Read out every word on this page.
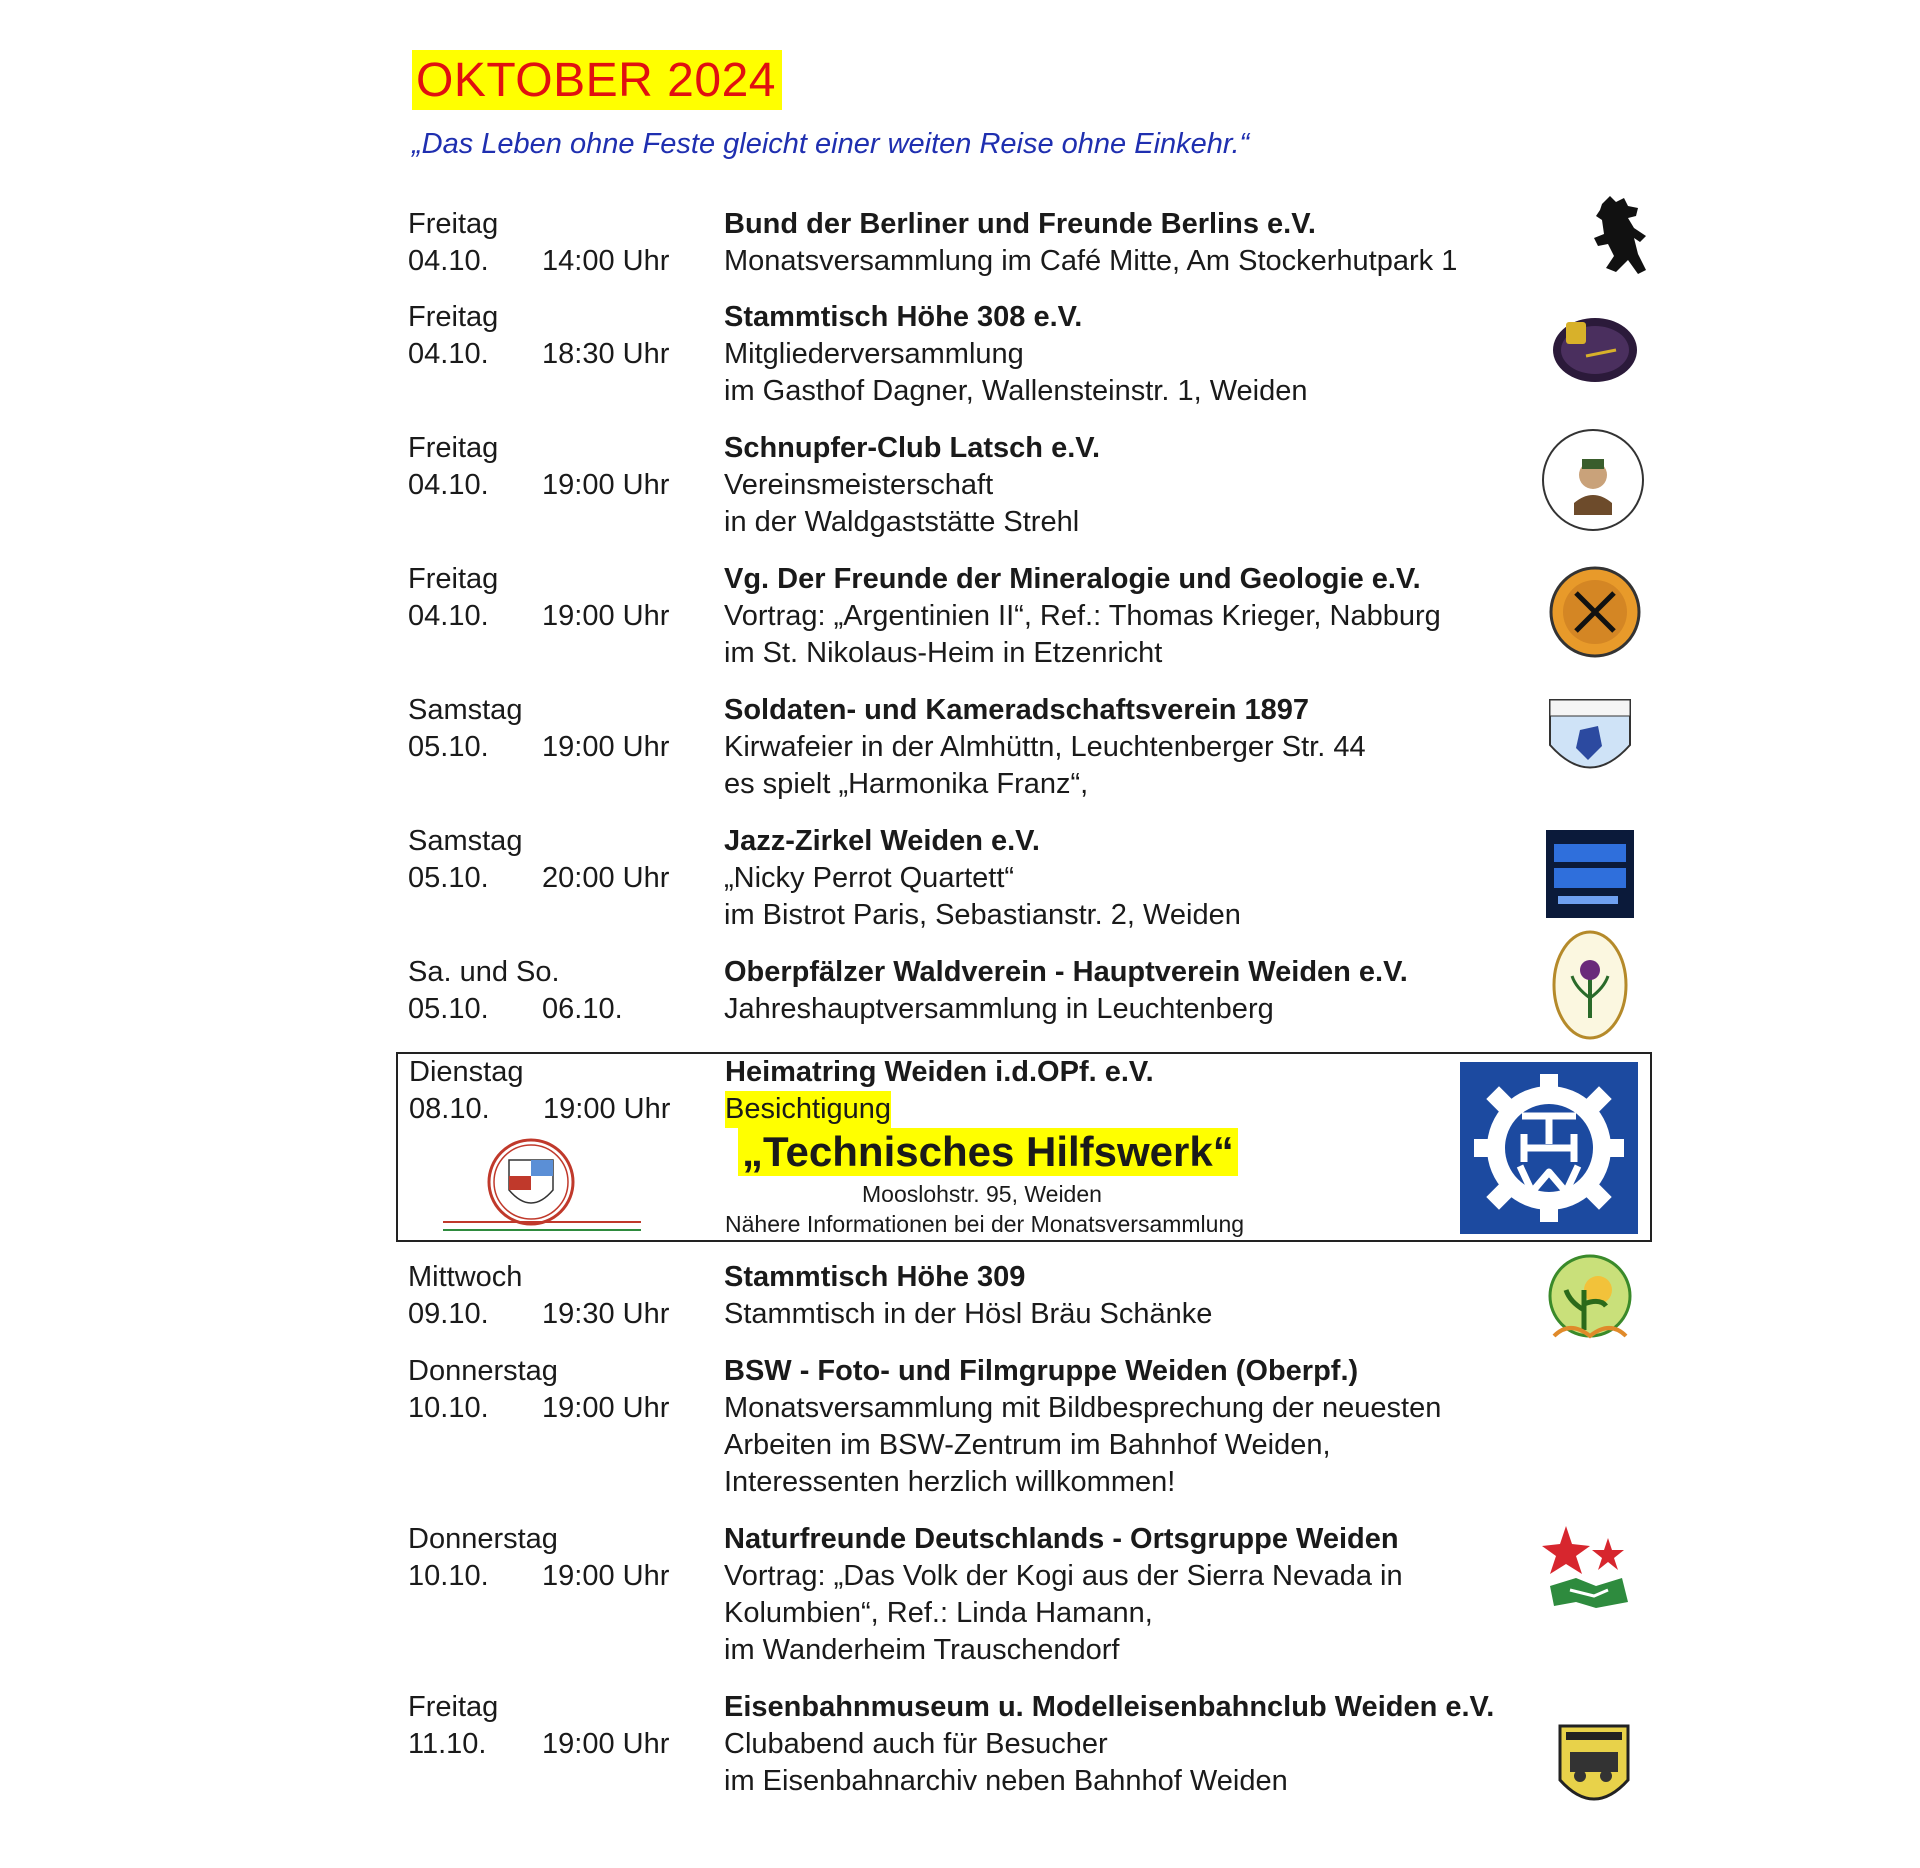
OKTOBER 2024
„Das Leben ohne Feste gleicht einer weiten Reise ohne Einkehr.“
Freitag
04.10. 14:00 Uhr
Bund der Berliner und Freunde Berlins e.V.
Monatsversammlung im Café Mitte, Am Stockerhutpark 1
Freitag
04.10. 18:30 Uhr
Stammtisch Höhe 308 e.V.
Mitgliederversammlung
im Gasthof Dagner, Wallensteinstr. 1, Weiden
Freitag
04.10. 19:00 Uhr
Schnupfer-Club Latsch e.V.
Vereinsmeisterschaft
in der Waldgaststätte Strehl
Freitag
04.10. 19:00 Uhr
Vg. Der Freunde der Mineralogie und Geologie e.V.
Vortrag: „Argentinien II“, Ref.: Thomas Krieger, Nabburg
im St. Nikolaus-Heim in Etzenricht
Samstag
05.10. 19:00 Uhr
Soldaten- und Kameradschaftsverein 1897
Kirwafeier in der Almhüttn, Leuchtenberger Str. 44
es spielt „Harmonika Franz“,
Samstag
05.10. 20:00 Uhr
Jazz-Zirkel Weiden e.V.
„Nicky Perrot Quartett“
im Bistrot Paris, Sebastianstr. 2, Weiden
Sa. und So.
05.10. 06.10.
Oberpfälzer Waldverein - Hauptverein Weiden e.V.
Jahreshauptversammlung in Leuchtenberg
Dienstag
08.10. 19:00 Uhr
Heimatring Weiden i.d.OPf. e.V.
Besichtigung
„Technisches Hilfswerk“
Mooslohstr. 95, Weiden
Nähere Informationen bei der Monatsversammlung
Mittwoch
09.10. 19:30 Uhr
Stammtisch Höhe 309
Stammtisch in der Hösl Bräu Schänke
Donnerstag
10.10. 19:00 Uhr
BSW - Foto- und Filmgruppe Weiden (Oberpf.)
Monatsversammlung mit Bildbesprechung der neuesten
Arbeiten im BSW-Zentrum im Bahnhof Weiden,
Interessenten herzlich willkommen!
Donnerstag
10.10. 19:00 Uhr
Naturfreunde Deutschlands - Ortsgruppe Weiden
Vortrag: „Das Volk der Kogi aus der Sierra Nevada in
Kolumbien“, Ref.: Linda Hamann,
im Wanderheim Trauschendorf
Freitag
11.10. 19:00 Uhr
Eisenbahnmuseum u. Modelleisenbahnclub Weiden e.V.
Clubabend auch für Besucher
im Eisenbahnarchiv neben Bahnhof Weiden
